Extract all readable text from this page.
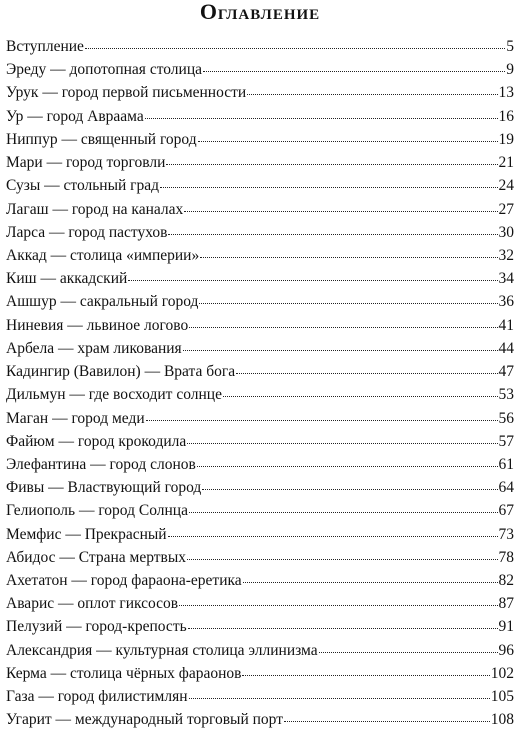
Оглавление
Вступление	5
Эреду — допотопная столица	9
Урук — город первой письменности	13
Ур — город Авраама	16
Ниппур — священный город	19
Мари — город торговли	21
Сузы — стольный град	24
Лагаш — город на каналах	27
Ларса — город пастухов	30
Аккад — столица «империи»	32
Киш — аккадский	34
Ашшур — сакральный город	36
Ниневия — львиное логово	41
Арбела — храм ликования	44
Кадингир (Вавилон) — Врата бога	47
Дильмун — где восходит солнце	53
Маган — город меди	56
Файюм — город крокодила	57
Элефантина — город слонов	61
Фивы — Властвующий город	64
Гелиополь — город Солнца	67
Мемфис — Прекрасный	73
Абидос — Страна мертвых	78
Ахетатон — город фараона-еретика	82
Аварис — оплот гиксосов	87
Пелузий — город-крепость	91
Александрия — культурная столица эллинизма	96
Керма — столица чёрных фараонов	102
Газа — город филистимлян	105
Угарит — международный торговый порт	108
